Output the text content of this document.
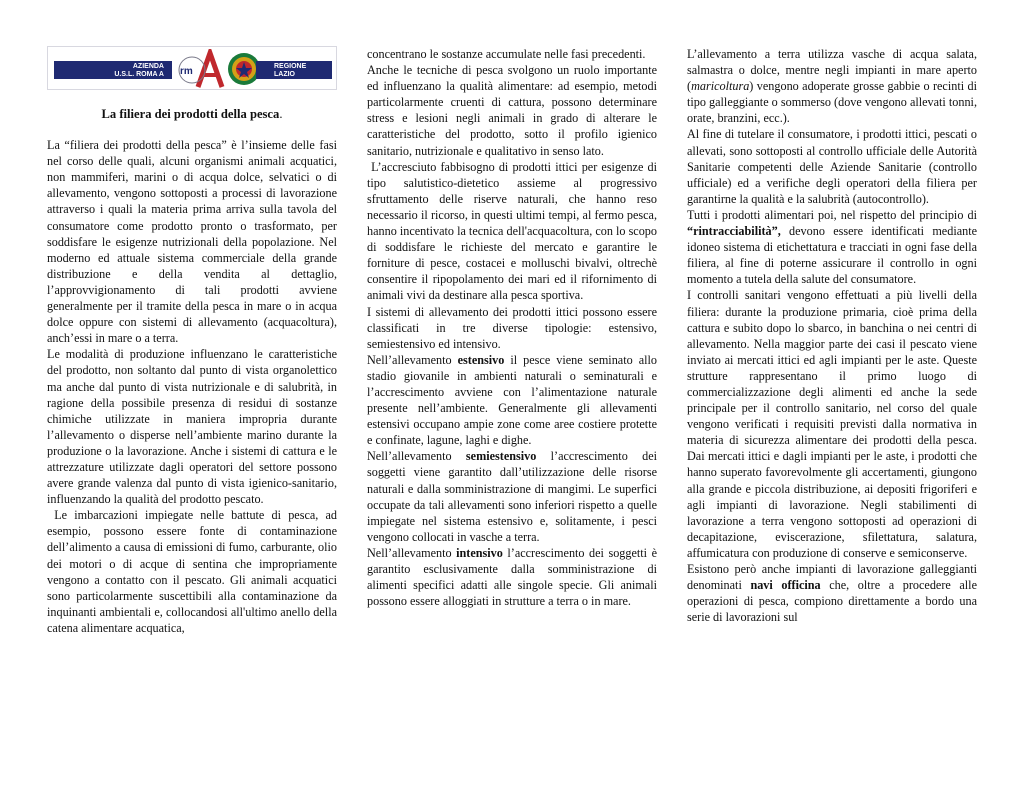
AZIENDA
U.S.L. ROMA A rm	REGIONE
LAZIO

La filiera dei prodotti della pesca.

La “filiera dei prodotti della pesca” è l’insieme delle fasi nel corso delle quali, alcuni organismi animali acquatici, non mammiferi, marini o di acqua dolce, selvatici o di allevamento, vengono sottoposti a processi di lavorazione attraverso i quali la materia prima arriva sulla tavola del consumatore come prodotto pronto o trasformato, per soddisfare le esigenze nutrizionali della popolazione. Nel moderno ed attuale sistema commerciale della grande distribuzione e della vendita al dettaglio, l’approvvigionamento di tali prodotti avviene generalmente per il tramite della pesca in mare o in acqua dolce oppure con sistemi di allevamento (acquacoltura), anch’essi in mare o a terra.

Le modalità di produzione influenzano le caratteristiche del prodotto, non soltanto dal punto di vista organolettico ma anche dal punto di vista nutrizionale e di salubrità, in ragione della possibile presenza di residui di sostanze chimiche utilizzate in maniera impropria durante l’allevamento o disperse nell’ambiente marino durante la produzione o la lavorazione. Anche i sistemi di cattura e le attrezzature utilizzate dagli operatori del settore possono avere grande valenza dal punto di vista igienico-sanitario, influenzando la qualità del prodotto pescato.

Le imbarcazioni impiegate nelle battute di pesca, ad esempio, possono essere fonte di contaminazione dell’alimento a causa di emissioni di fumo, carburante, olio dei motori o di acque di sentina che impropriamente vengono a contatto con il pescato. Gli animali acquatici sono particolarmente suscettibili alla contaminazione da inquinanti ambientali e, collocandosi all'ultimo anello della catena alimentare acquatica,

concentrano le sostanze accumulate nelle fasi precedenti.

Anche le tecniche di pesca svolgono un ruolo importante ed influenzano la qualità alimentare: ad esempio, metodi particolarmente cruenti di cattura, possono determinare stress e lesioni negli animali in grado di alterare le caratteristiche del prodotto, sotto il profilo igienico sanitario, nutrizionale e qualitativo in senso lato.

L’accresciuto fabbisogno di prodotti ittici per esigenze di tipo salutistico-dietetico assieme al progressivo sfruttamento delle riserve naturali, che hanno reso necessario il ricorso, in questi ultimi tempi, al fermo pesca, hanno incentivato la tecnica dell'acquacoltura, con lo scopo di soddisfare le richieste del mercato e garantire le forniture di pesce, costacei e molluschi bivalvi, oltrechè consentire il ripopolamento dei mari ed il rifornimento di animali vivi da destinare alla pesca sportiva.

I sistemi di allevamento dei prodotti ittici possono essere classificati in tre diverse tipologie: estensivo, semiestensivo ed intensivo.

Nell’allevamento estensivo il pesce viene seminato allo stadio giovanile in ambienti naturali o seminaturali e l’accrescimento avviene con l’alimentazione naturale presente nell’ambiente. Generalmente gli allevamenti estensivi occupano ampie zone come aree costiere protette e confinate, lagune, laghi e dighe.

Nell’allevamento semiestensivo l’accrescimento dei soggetti viene garantito dall’utilizzazione delle risorse naturali e dalla somministrazione di mangimi. Le superfici occupate da tali allevamenti sono inferiori rispetto a quelle impiegate nel sistema estensivo e, solitamente, i pesci vengono collocati in vasche a terra.

Nell’allevamento intensivo l’accrescimento dei soggetti è garantito esclusivamente dalla somministrazione di alimenti specifici adatti alle singole specie. Gli animali possono essere alloggiati in strutture a terra o in mare.

L’allevamento a terra utilizza vasche di acqua salata, salmastra o dolce, mentre negli impianti in mare aperto (maricoltura) vengono adoperate grosse gabbie o recinti di tipo galleggiante o sommerso (dove vengono allevati tonni, orate, branzini, ecc.).

Al fine di tutelare il consumatore, i prodotti ittici, pescati o allevati, sono sottoposti al controllo ufficiale delle Autorità Sanitarie competenti delle Aziende Sanitarie (controllo ufficiale) ed a verifiche degli operatori della filiera per garantirne la qualità e la salubrità (autocontrollo).

Tutti i prodotti alimentari poi, nel rispetto del principio di “rintracciabilità”, devono essere identificati mediante idoneo sistema di etichettatura e tracciati in ogni fase della filiera, al fine di poterne assicurare il controllo in ogni momento a tutela della salute del consumatore.

I controlli sanitari vengono effettuati a più livelli della filiera: durante la produzione primaria, cioè prima della cattura e subito dopo lo sbarco, in banchina o nei centri di allevamento. Nella maggior parte dei casi il pescato viene inviato ai mercati ittici ed agli impianti per le aste. Queste strutture rappresentano il primo luogo di commercializzazione degli alimenti ed anche la sede principale per il controllo sanitario, nel corso del quale vengono verificati i requisiti previsti dalla normativa in materia di sicurezza alimentare dei prodotti della pesca. Dai mercati ittici e dagli impianti per le aste, i prodotti che hanno superato favorevolmente gli accertamenti, giungono alla grande e piccola distribuzione, ai depositi frigoriferi e agli impianti di lavorazione. Negli stabilimenti di lavorazione a terra vengono sottoposti ad operazioni di decapitazione, eviscerazione, sfilettatura, salatura, affumicatura con produzione di conserve e semiconserve.

Esistono però anche impianti di lavorazione galleggianti denominati navi officina che, oltre a procedere alle operazioni di pesca, compiono direttamente a bordo una serie di lavorazioni sul
